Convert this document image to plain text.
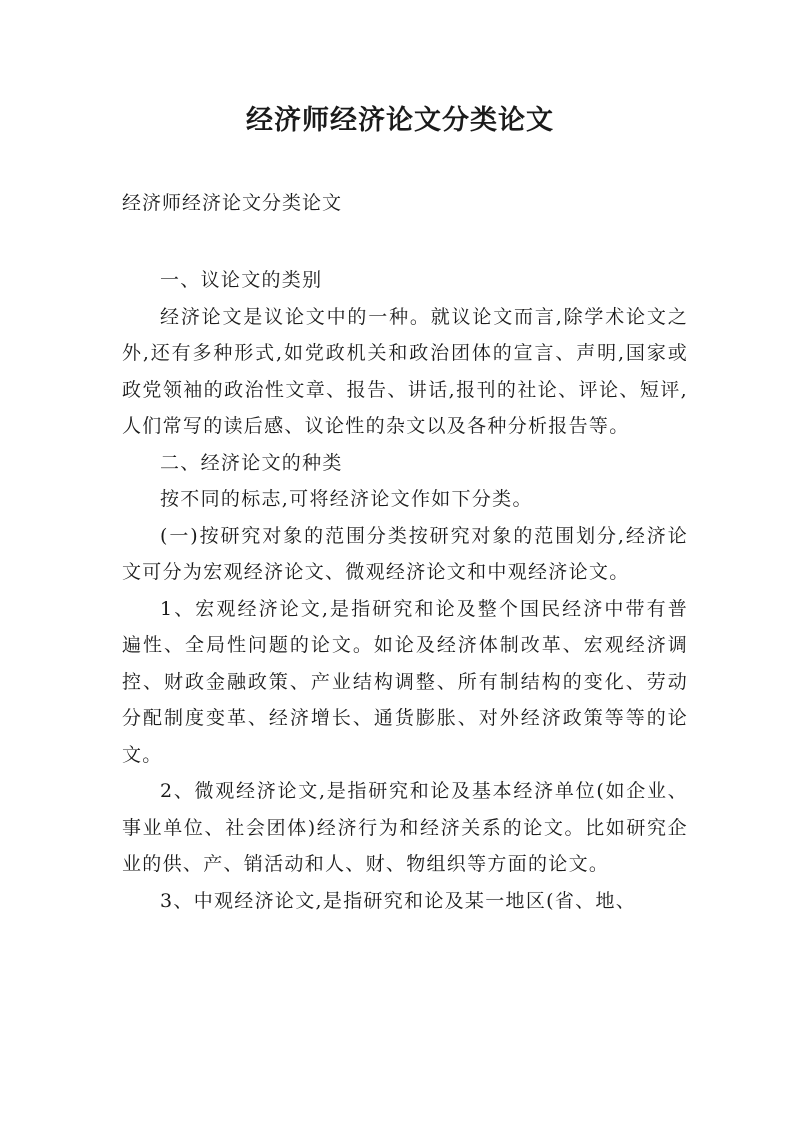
经济师经济论文分类论文

经济师经济论文分类论文

一、议论文的类别

经济论文是议论文中的一种。就议论文而言,除学术论文之外,还有多种形式,如党政机关和政治团体的宣言、声明,国家或政党领袖的政治性文章、报告、讲话,报刊的社论、评论、短评,人们常写的读后感、议论性的杂文以及各种分析报告等。

二、经济论文的种类

按不同的标志,可将经济论文作如下分类。

(一)按研究对象的范围分类按研究对象的范围划分,经济论文可分为宏观经济论文、微观经济论文和中观经济论文。

1、宏观经济论文,是指研究和论及整个国民经济中带有普遍性、全局性问题的论文。如论及经济体制改革、宏观经济调控、财政金融政策、产业结构调整、所有制结构的变化、劳动分配制度变革、经济增长、通货膨胀、对外经济政策等等的论文。

2、微观经济论文,是指研究和论及基本经济单位(如企业、事业单位、社会团体)经济行为和经济关系的论文。比如研究企业的供、产、销活动和人、财、物组织等方面的论文。

3、中观经济论文,是指研究和论及某一地区(省、地、
